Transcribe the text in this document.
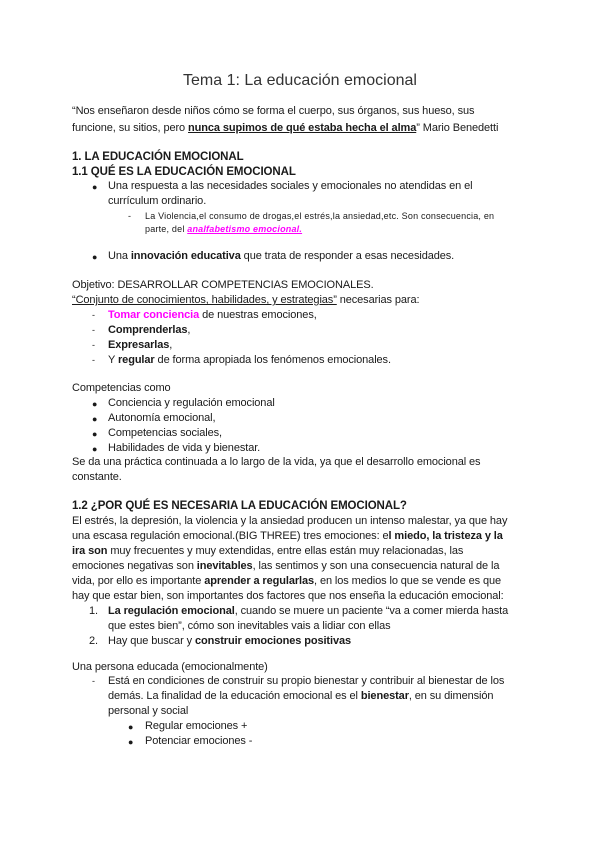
Tema 1: La educación emocional
“Nos enseñaron desde niños cómo se forma el cuerpo, sus órganos, sus hueso, sus
funcione, su sitios, pero nunca supimos de qué estaba hecha el alma” Mario Benedetti
1. LA EDUCACIÓN EMOCIONAL
1.1 QUÉ ES LA EDUCACIÓN EMOCIONAL
● Una respuesta a las necesidades sociales y emocionales no atendidas en el
currículum ordinario.
- La Violencia,el consumo de drogas,el estrés,la ansiedad,etc. Son consecuencia, en
parte, del analfabetismo emocional.
● Una innovación educativa que trata de responder a esas necesidades.
Objetivo: DESARROLLAR COMPETENCIAS EMOCIONALES.
“Conjunto de conocimientos, habilidades, y estrategias” necesarias para:
- Tomar conciencia de nuestras emociones,
- Comprenderlas,
- Expresarlas,
- Y regular de forma apropiada los fenómenos emocionales.
Competencias como
● Conciencia y regulación emocional
● Autonomía emocional,
● Competencias sociales,
● Habilidades de vida y bienestar.
Se da una práctica continuada a lo largo de la vida, ya que el desarrollo emocional es
constante.
1.2 ¿POR QUÉ ES NECESARIA LA EDUCACIÓN EMOCIONAL?
El estrés, la depresión, la violencia y la ansiedad producen un intenso malestar, ya que hay
una escasa regulación emocional.(BIG THREE) tres emociones: el miedo, la tristeza y la
ira son muy frecuentes y muy extendidas, entre ellas están muy relacionadas, las
emociones negativas son inevitables, las sentimos y son una consecuencia natural de la
vida, por ello es importante aprender a regularlas, en los medios lo que se vende es que
hay que estar bien, son importantes dos factores que nos enseña la educación emocional:
1. La regulación emocional, cuando se muere un paciente “va a comer mierda hasta
que estes bien”, cómo son inevitables vais a lidiar con ellas
2. Hay que buscar y construir emociones positivas
Una persona educada (emocionalmente)
- Está en condiciones de construir su propio bienestar y contribuir al bienestar de los
demás. La finalidad de la educación emocional es el bienestar, en su dimensión
personal y social
● Regular emociones +
● Potenciar emociones -
